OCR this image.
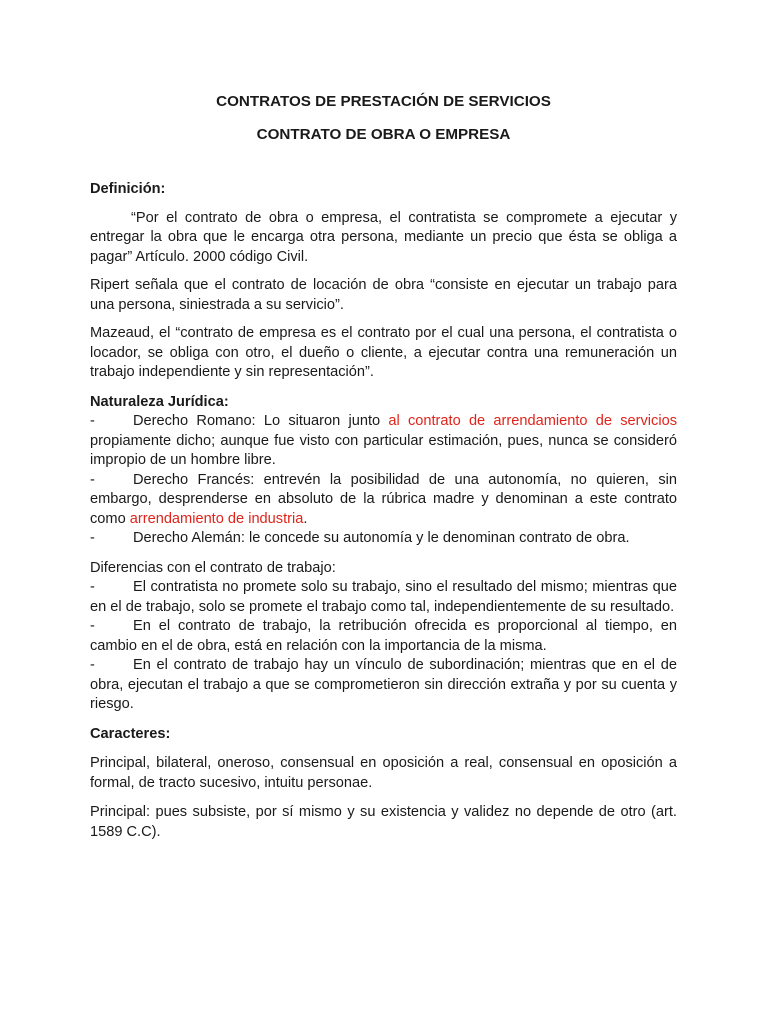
CONTRATOS DE PRESTACIÓN DE SERVICIOS

CONTRATO DE OBRA O EMPRESA

Definición:

“Por el contrato de obra o empresa, el contratista se compromete a ejecutar y entregar la obra que le encarga otra persona, mediante un precio que ésta se obliga a pagar” Artículo. 2000 código Civil.

Ripert señala que el contrato de locación de obra “consiste en ejecutar un trabajo para una persona, siniestrada a su servicio”.

Mazeaud, el “contrato de empresa es el contrato por el cual una persona, el contratista o locador, se obliga con otro, el dueño o cliente, a ejecutar contra una remuneración un trabajo independiente y sin representación”.

Naturaleza Jurídica:

-	Derecho Romano: Lo situaron junto al contrato de arrendamiento de servicios propiamente dicho; aunque fue visto con particular estimación, pues, nunca se consideró impropio de un hombre libre.

-	Derecho Francés: entrevén la posibilidad de una autonomía, no quieren, sin embargo, desprenderse en absoluto de la rúbrica madre y denominan a este contrato como arrendamiento de industria.

-	Derecho Alemán: le concede su autonomía y le denominan contrato de obra.

Diferencias con el contrato de trabajo:

-	El contratista no promete solo su trabajo, sino el resultado del mismo; mientras que en el de trabajo, solo se promete el trabajo como tal, independientemente de su resultado.

-	En el contrato de trabajo, la retribución ofrecida es proporcional al tiempo, en cambio en el de obra, está en relación con la importancia de la misma.

-	En el contrato de trabajo hay un vínculo de subordinación; mientras que en el de obra, ejecutan el trabajo a que se comprometieron sin dirección extraña y por su cuenta y riesgo.

Caracteres:

Principal, bilateral, oneroso, consensual en oposición a real, consensual en oposición a formal, de tracto sucesivo, intuitu personae.

Principal: pues subsiste, por sí mismo y su existencia y validez no depende de otro (art. 1589 C.C).
